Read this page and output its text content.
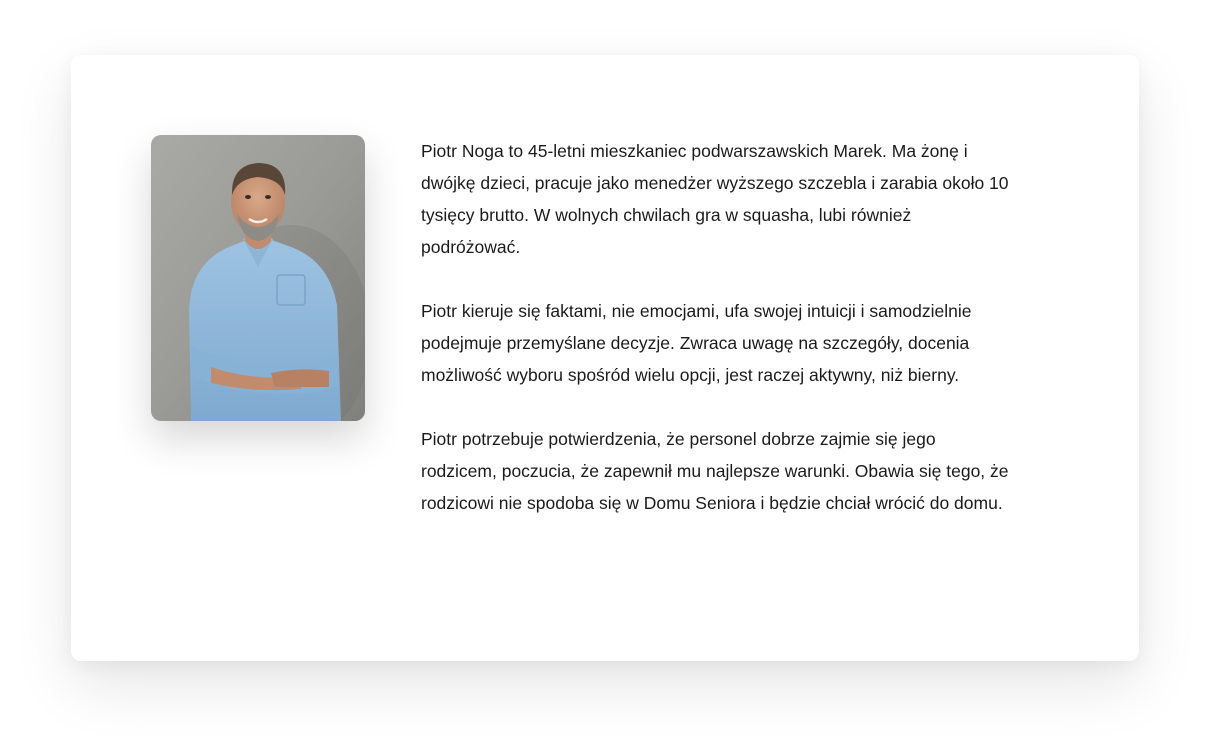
Piotr Noga to 45-letni mieszkaniec podwarszawskich Marek. Ma żonę i dwójkę dzieci, pracuje jako menedżer wyższego szczebla i zarabia około 10 tysięcy brutto. W wolnych chwilach gra w squasha, lubi również podróżować.

Piotr kieruje się faktami, nie emocjami, ufa swojej intuicji i samodzielnie podejmuje przemyślane decyzje. Zwraca uwagę na szczegóły, docenia możliwość wyboru spośród wielu opcji, jest raczej aktywny, niż bierny.

Piotr potrzebuje potwierdzenia, że personel dobrze zajmie się jego rodzicem, poczucia, że zapewnił mu najlepsze warunki. Obawia się tego, że rodzicowi nie spodoba się w Domu Seniora i będzie chciał wrócić do domu.
